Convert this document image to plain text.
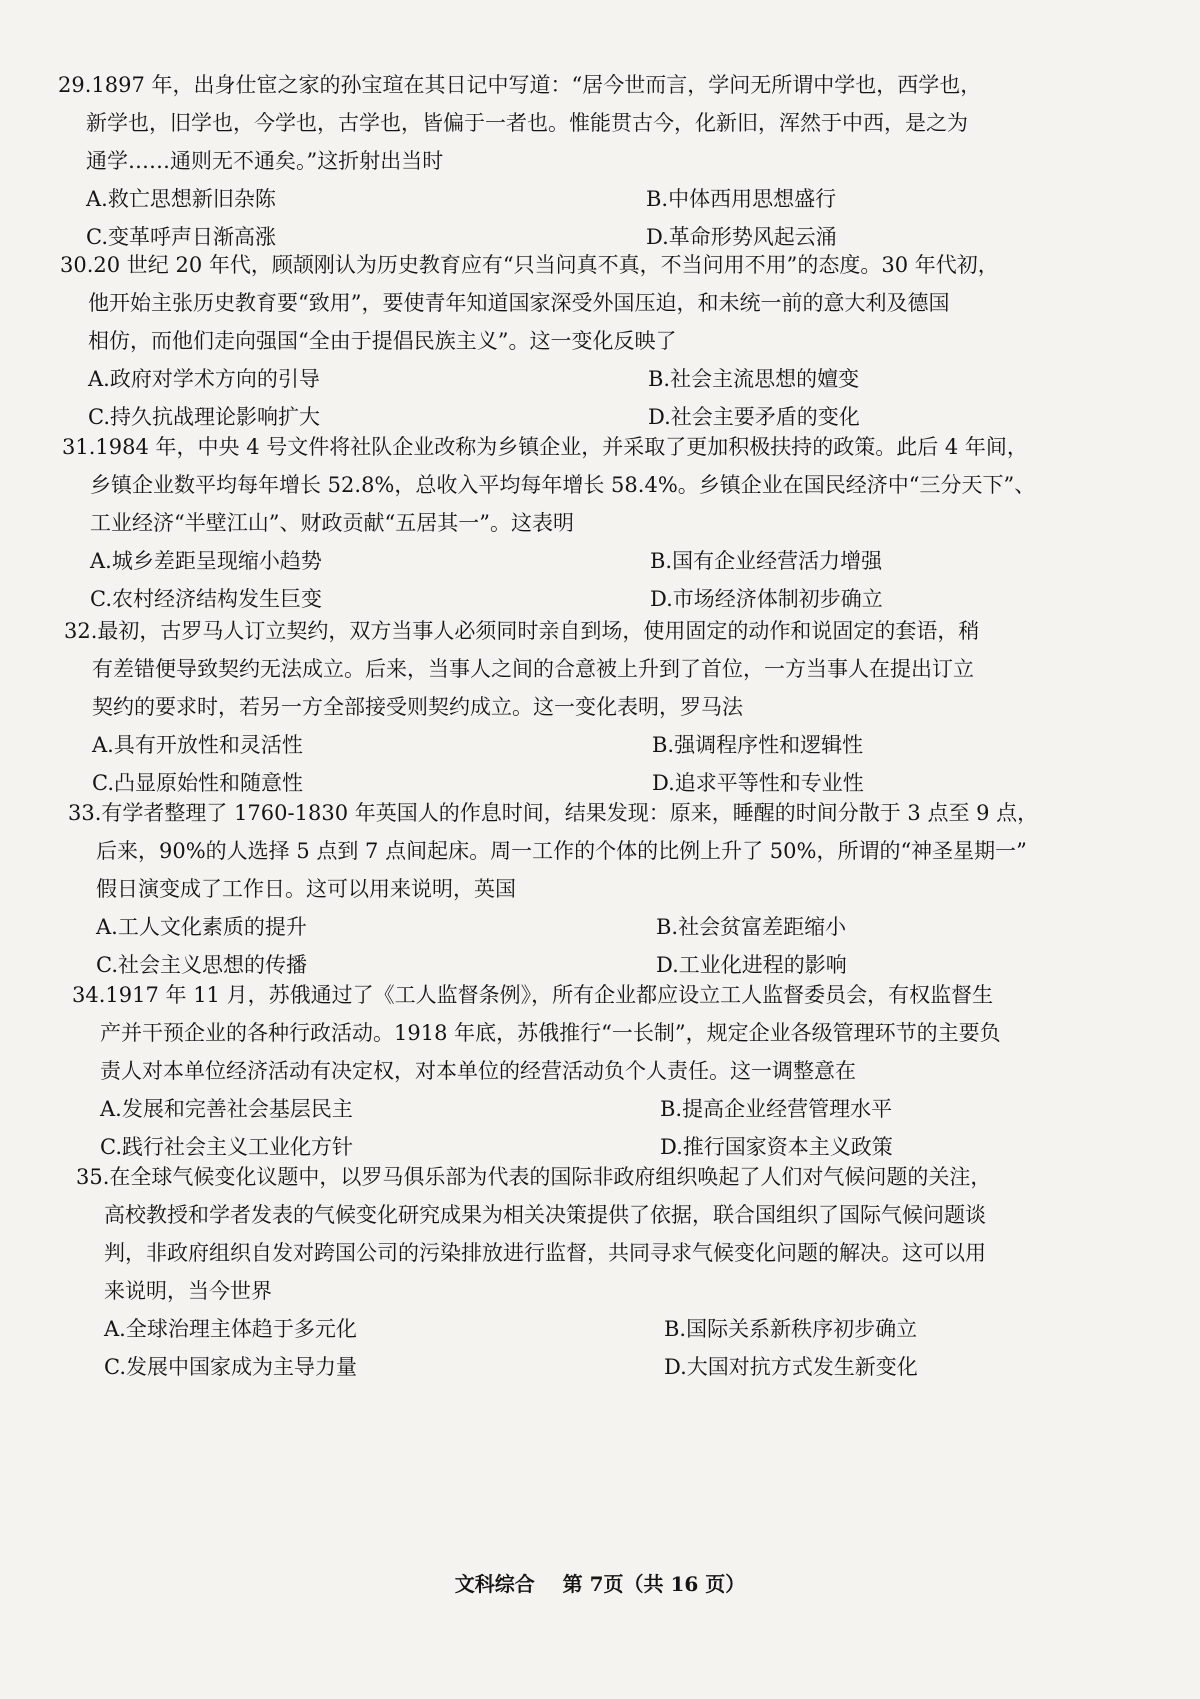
29.1897 年，出身仕宦之家的孙宝瑄在其日记中写道：“居今世而言，学问无所谓中学也，西学也，
新学也，旧学也，今学也，古学也，皆偏于一者也。惟能贯古今，化新旧，浑然于中西，是之为
通学……通则无不通矣。”这折射出当时

A.救亡思想新旧杂陈	B.中体西用思想盛行
C.变革呼声日渐高涨	D.革命形势风起云涌

30.20 世纪 20 年代，顾颉刚认为历史教育应有“只当问真不真，不当问用不用”的态度。30 年代初，
他开始主张历史教育要“致用”，要使青年知道国家深受外国压迫，和未统一前的意大利及德国
相仿，而他们走向强国“全由于提倡民族主义”。这一变化反映了

A.政府对学术方向的引导	B.社会主流思想的嬗变
C.持久抗战理论影响扩大	D.社会主要矛盾的变化

31.1984 年，中央 4 号文件将社队企业改称为乡镇企业，并采取了更加积极扶持的政策。此后 4 年间，
乡镇企业数平均每年增长 52.8%，总收入平均每年增长 58.4%。乡镇企业在国民经济中“三分天下”、
工业经济“半壁江山”、财政贡献“五居其一”。这表明

A.城乡差距呈现缩小趋势	B.国有企业经营活力增强
C.农村经济结构发生巨变	D.市场经济体制初步确立

32.最初，古罗马人订立契约，双方当事人必须同时亲自到场，使用固定的动作和说固定的套语，稍
有差错便导致契约无法成立。后来，当事人之间的合意被上升到了首位，一方当事人在提出订立
契约的要求时，若另一方全部接受则契约成立。这一变化表明，罗马法

A.具有开放性和灵活性	B.强调程序性和逻辑性
C.凸显原始性和随意性	D.追求平等性和专业性

33.有学者整理了 1760-1830 年英国人的作息时间，结果发现：原来，睡醒的时间分散于 3 点至 9 点，
后来，90%的人选择 5 点到 7 点间起床。周一工作的个体的比例上升了 50%，所谓的“神圣星期一”
假日演变成了工作日。这可以用来说明，英国

A.工人文化素质的提升	B.社会贫富差距缩小
C.社会主义思想的传播	D.工业化进程的影响

34.1917 年 11 月，苏俄通过了《工人监督条例》，所有企业都应设立工人监督委员会，有权监督生
产并干预企业的各种行政活动。1918 年底，苏俄推行“一长制”，规定企业各级管理环节的主要负
责人对本单位经济活动有决定权，对本单位的经营活动负个人责任。这一调整意在

A.发展和完善社会基层民主	B.提高企业经营管理水平
C.践行社会主义工业化方针	D.推行国家资本主义政策

35.在全球气候变化议题中，以罗马俱乐部为代表的国际非政府组织唤起了人们对气候问题的关注，
高校教授和学者发表的气候变化研究成果为相关决策提供了依据，联合国组织了国际气候问题谈
判，非政府组织自发对跨国公司的污染排放进行监督，共同寻求气候变化问题的解决。这可以用
来说明，当今世界

A.全球治理主体趋于多元化	B.国际关系新秩序初步确立
C.发展中国家成为主导力量	D.大国对抗方式发生新变化
文科综合 第 7页（共 16 页）
